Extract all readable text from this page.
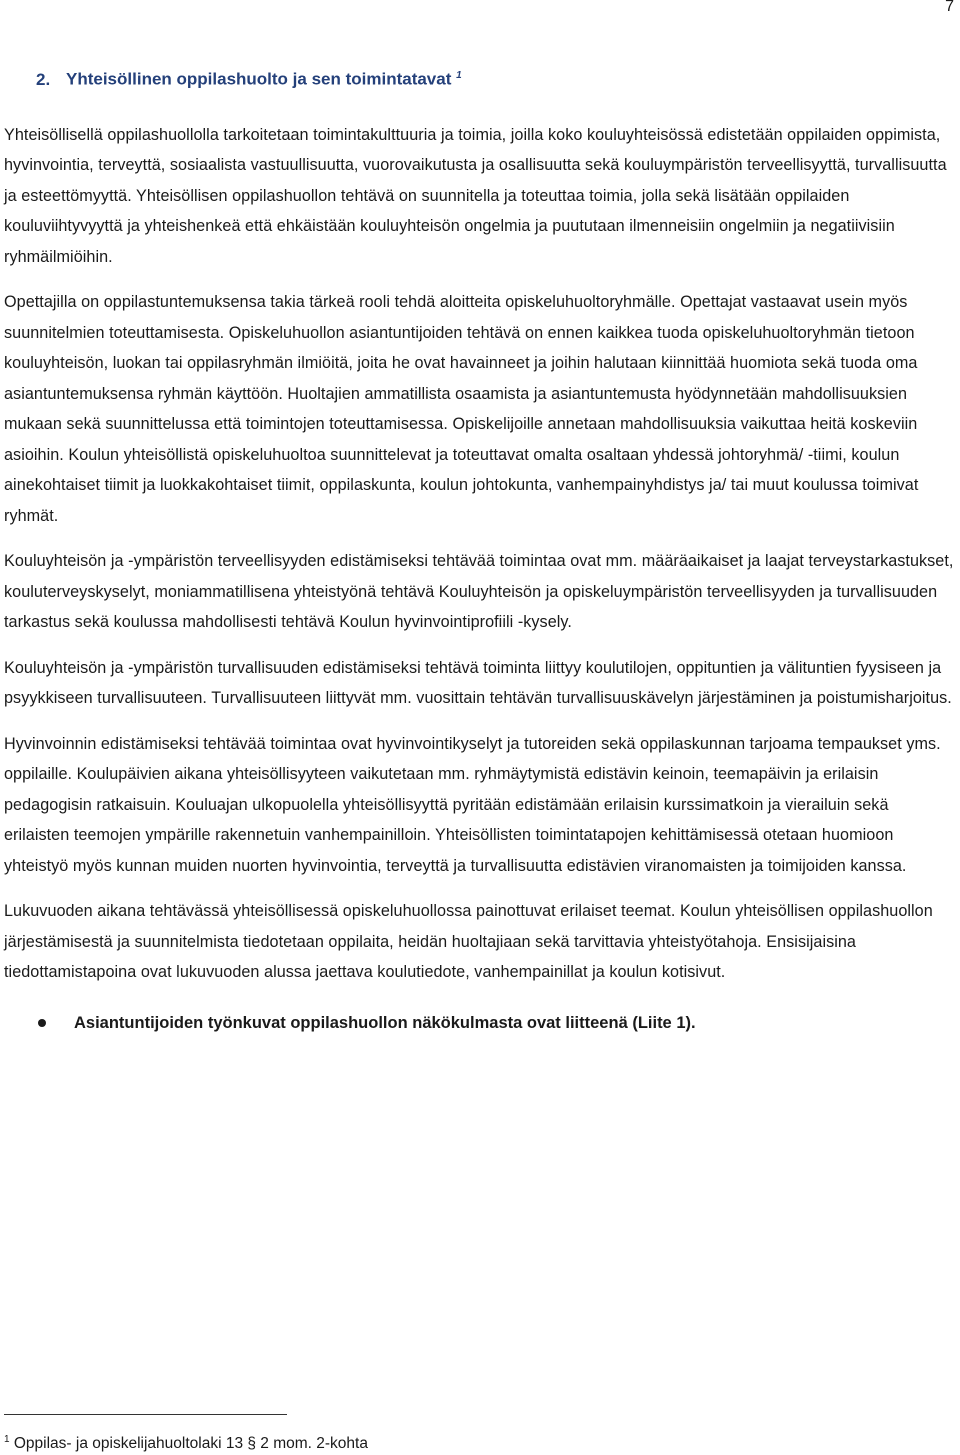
7
2. Yhteisöllinen oppilashuolto ja sen toimintatavat $^1$

Yhteisöllisellä oppilashuollolla tarkoitetaan toimintakulttuuria ja toimia, joilla koko kouluyhteisössä edistetään oppilaiden oppimista, hyvinvointia, terveyttä, sosiaalista vastuullisuutta, vuorovaikutusta ja osallisuutta sekä kouluympäristön terveellisyyttä, turvallisuutta ja esteettömyyttä. Yhteisöllisen oppilashuollon tehtävä on suunnitella ja toteuttaa toimia, jolla sekä lisätään oppilaiden kouluviihtyvyyttä ja yhteishenkeä että ehkäistään kouluyhteisön ongelmia ja puututaan ilmenneisiin ongelmiin ja negatiivisiin ryhmäilmiöihin.

Opettajilla on oppilastuntemuksensa takia tärkeä rooli tehdä aloitteita opiskeluhuoltoryhmälle. Opettajat vastaavat usein myös suunnitelmien toteuttamisesta. Opiskeluhuollon asiantuntijoiden tehtävä on ennen kaikkea tuoda opiskeluhuoltoryhmän tietoon kouluyhteisön, luokan tai oppilasryhmän ilmiöitä, joita he ovat havainneet ja joihin halutaan kiinnittää huomiota sekä tuoda oma asiantuntemuksensa ryhmän käyttöön. Huoltajien ammatillista osaamista ja asiantuntemusta hyödynnetään mahdollisuuksien mukaan sekä suunnittelussa että toimintojen toteuttamisessa. Opiskelijoille annetaan mahdollisuuksia vaikuttaa heitä koskeviin asioihin. Koulun yhteisöllistä opiskeluhuoltoa suunnittelevat ja toteuttavat omalta osaltaan yhdessä johtoryhmä/ -tiimi, koulun ainekohtaiset tiimit ja luokkakohtaiset tiimit, oppilaskunta, koulun johtokunta, vanhempainyhdistys ja/ tai muut koulussa toimivat ryhmät.

Kouluyhteisön ja -ympäristön terveellisyyden edistämiseksi tehtävää toimintaa ovat mm. määräaikaiset ja laajat terveystarkastukset, kouluterveyskyselyt, moniammatillisena yhteistyönä tehtävä Kouluyhteisön ja opiskeluympäristön terveellisyyden ja turvallisuuden tarkastus sekä koulussa mahdollisesti tehtävä Koulun hyvinvointiprofiili -kysely.

Kouluyhteisön ja -ympäristön turvallisuuden edistämiseksi tehtävä toiminta liittyy koulutilojen, oppituntien ja välituntien fyysiseen ja psyykkiseen turvallisuuteen. Turvallisuuteen liittyvät mm. vuosittain tehtävän turvallisuuskävelyn järjestäminen ja poistumisharjoitus.

Hyvinvoinnin edistämiseksi tehtävää toimintaa ovat hyvinvointikyselyt ja tutoreiden sekä oppilaskunnan tarjoama tempaukset yms. oppilaille. Koulupäivien aikana yhteisöllisyyteen vaikutetaan mm. ryhmäytymistä edistävin keinoin, teemapäivin ja erilaisin pedagogisin ratkaisuin. Kouluajan ulkopuolella yhteisöllisyyttä pyritään edistämään erilaisin kurssimatkoin ja vierailuin sekä erilaisten teemojen ympärille rakennetuin vanhempainilloin. Yhteisöllisten toimintatapojen kehittämisessä otetaan huomioon yhteistyö myös kunnan muiden nuorten hyvinvointia, terveyttä ja turvallisuutta edistävien viranomaisten ja toimijoiden kanssa.

Lukuvuoden aikana tehtävässä yhteisöllisessä opiskeluhuollossa painottuvat erilaiset teemat. Koulun yhteisöllisen oppilashuollon järjestämisestä ja suunnitelmista tiedotetaan oppilaita, heidän huoltajiaan sekä tarvittavia yhteistyötahoja. Ensisijaisina tiedottamistapoina ovat lukuvuoden alussa jaettava koulutiedote, vanhempainillat ja koulun kotisivut.

Asiantuntijoiden työnkuvat oppilashuollon näkökulmasta ovat liitteenä (Liite 1).
$^1$ Oppilas- ja opiskelijahuoltolaki 13 § 2 mom. 2-kohta
